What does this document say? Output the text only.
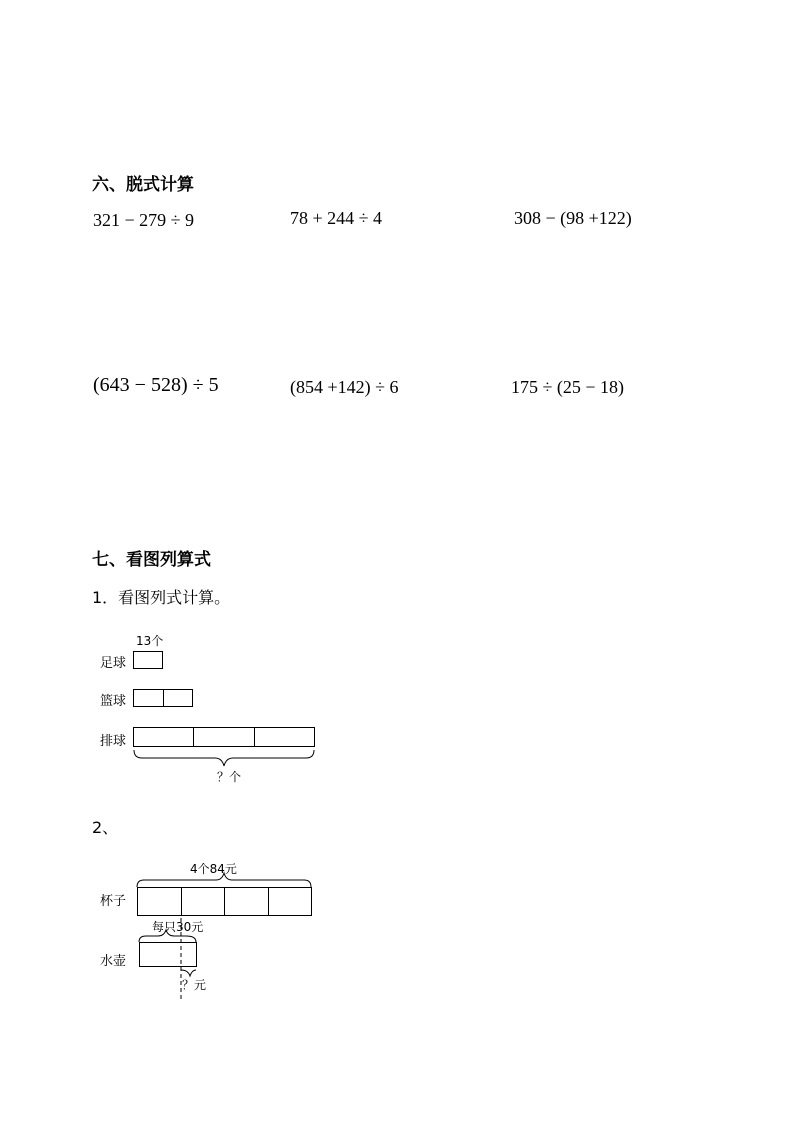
六、脱式计算
321 − 279 ÷ 9	78 + 244 ÷ 4	308 − (98 +122)
(643 − 528) ÷ 5	(854 +142) ÷ 6	175 ÷ (25 − 18)
七、看图列算式
1．看图列式计算。
13个
足球
篮球
排球
？个
2、
4个84元
杯子
每只30元
水壶
？元
